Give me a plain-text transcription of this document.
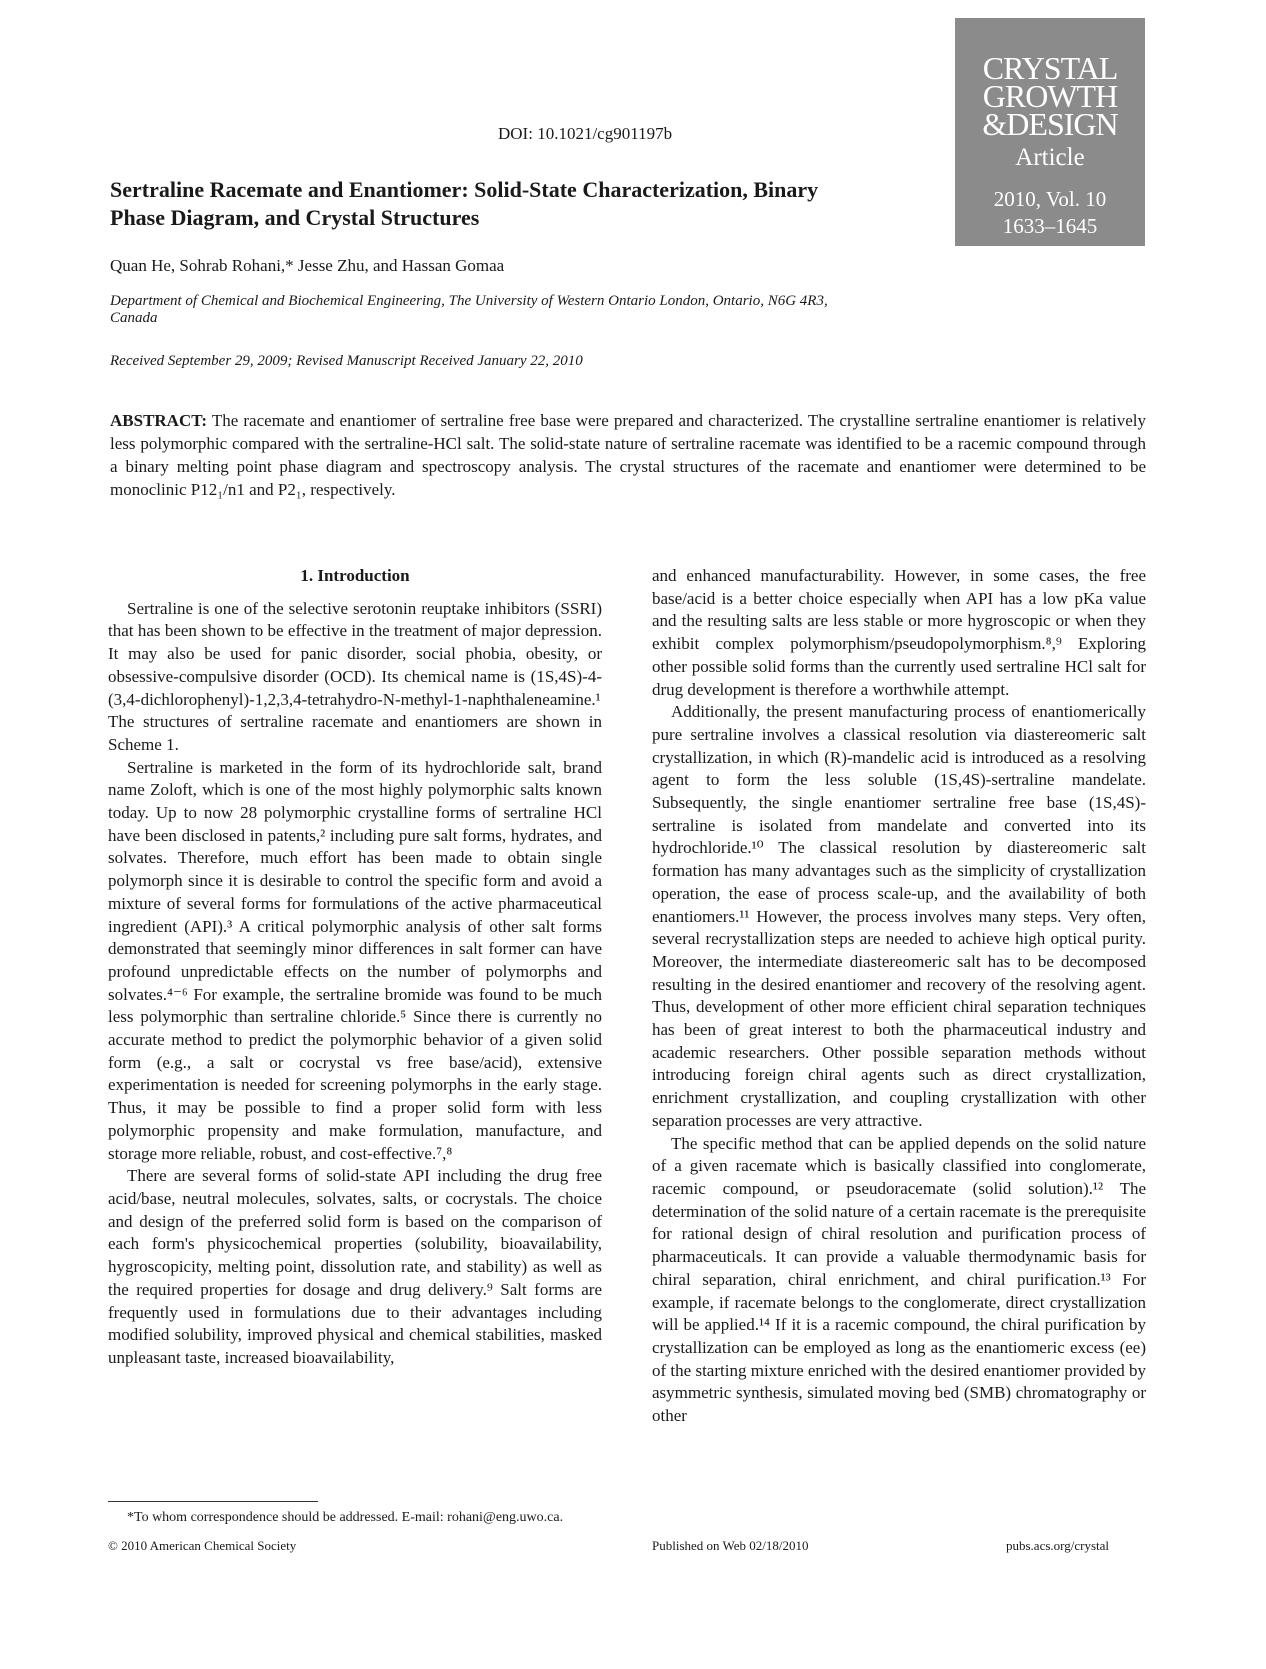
DOI: 10.1021/cg901197b
CRYSTAL
GROWTH
&DESIGN
Article
2010, Vol. 10
1633–1645
Sertraline Racemate and Enantiomer: Solid-State Characterization, Binary Phase Diagram, and Crystal Structures
Quan He, Sohrab Rohani,* Jesse Zhu, and Hassan Gomaa
Department of Chemical and Biochemical Engineering, The University of Western Ontario London, Ontario, N6G 4R3, Canada
Received September 29, 2009; Revised Manuscript Received January 22, 2010

ABSTRACT: The racemate and enantiomer of sertraline free base were prepared and characterized. The crystalline sertraline enantiomer is relatively less polymorphic compared with the sertraline-HCl salt. The solid-state nature of sertraline racemate was identified to be a racemic compound through a binary melting point phase diagram and spectroscopy analysis. The crystal structures of the racemate and enantiomer were determined to be monoclinic P12₁/n1 and P2₁, respectively.

1. Introduction

Sertraline is one of the selective serotonin reuptake inhibitors (SSRI) that has been shown to be effective in the treatment of major depression. It may also be used for panic disorder, social phobia, obesity, or obsessive-compulsive disorder (OCD). Its chemical name is (1S,4S)-4-(3,4-dichlorophenyl)-1,2,3,4-tetrahydro-N-methyl-1-naphthaleneamine.¹ The structures of sertraline racemate and enantiomers are shown in Scheme 1.

Sertraline is marketed in the form of its hydrochloride salt, brand name Zoloft, which is one of the most highly polymorphic salts known today. Up to now 28 polymorphic crystalline forms of sertraline HCl have been disclosed in patents,² including pure salt forms, hydrates, and solvates. Therefore, much effort has been made to obtain single polymorph since it is desirable to control the specific form and avoid a mixture of several forms for formulations of the active pharmaceutical ingredient (API).³ A critical polymorphic analysis of other salt forms demonstrated that seemingly minor differences in salt former can have profound unpredictable effects on the number of polymorphs and solvates.⁴⁻⁶ For example, the sertraline bromide was found to be much less polymorphic than sertraline chloride.⁵ Since there is currently no accurate method to predict the polymorphic behavior of a given solid form (e.g., a salt or cocrystal vs free base/acid), extensive experimentation is needed for screening polymorphs in the early stage. Thus, it may be possible to find a proper solid form with less polymorphic propensity and make formulation, manufacture, and storage more reliable, robust, and cost-effective.⁷,⁸

There are several forms of solid-state API including the drug free acid/base, neutral molecules, solvates, salts, or cocrystals. The choice and design of the preferred solid form is based on the comparison of each form's physicochemical properties (solubility, bioavailability, hygroscopicity, melting point, dissolution rate, and stability) as well as the required properties for dosage and drug delivery.⁹ Salt forms are frequently used in formulations due to their advantages including modified solubility, improved physical and chemical stabilities, masked unpleasant taste, increased bioavailability,

and enhanced manufacturability. However, in some cases, the free base/acid is a better choice especially when API has a low pKa value and the resulting salts are less stable or more hygroscopic or when they exhibit complex polymorphism/pseudopolymorphism.⁸,⁹ Exploring other possible solid forms than the currently used sertraline HCl salt for drug development is therefore a worthwhile attempt.

Additionally, the present manufacturing process of enantiomerically pure sertraline involves a classical resolution via diastereomeric salt crystallization, in which (R)-mandelic acid is introduced as a resolving agent to form the less soluble (1S,4S)-sertraline mandelate. Subsequently, the single enantiomer sertraline free base (1S,4S)-sertraline is isolated from mandelate and converted into its hydrochloride.¹⁰ The classical resolution by diastereomeric salt formation has many advantages such as the simplicity of crystallization operation, the ease of process scale-up, and the availability of both enantiomers.¹¹ However, the process involves many steps. Very often, several recrystallization steps are needed to achieve high optical purity. Moreover, the intermediate diastereomeric salt has to be decomposed resulting in the desired enantiomer and recovery of the resolving agent. Thus, development of other more efficient chiral separation techniques has been of great interest to both the pharmaceutical industry and academic researchers. Other possible separation methods without introducing foreign chiral agents such as direct crystallization, enrichment crystallization, and coupling crystallization with other separation processes are very attractive.

The specific method that can be applied depends on the solid nature of a given racemate which is basically classified into conglomerate, racemic compound, or pseudoracemate (solid solution).¹² The determination of the solid nature of a certain racemate is the prerequisite for rational design of chiral resolution and purification process of pharmaceuticals. It can provide a valuable thermodynamic basis for chiral separation, chiral enrichment, and chiral purification.¹³ For example, if racemate belongs to the conglomerate, direct crystallization will be applied.¹⁴ If it is a racemic compound, the chiral purification by crystallization can be employed as long as the enantiomeric excess (ee) of the starting mixture enriched with the desired enantiomer provided by asymmetric synthesis, simulated moving bed (SMB) chromatography or other

*To whom correspondence should be addressed. E-mail: rohani@eng.uwo.ca.
© 2010 American Chemical Society	Published on Web 02/18/2010	pubs.acs.org/crystal
